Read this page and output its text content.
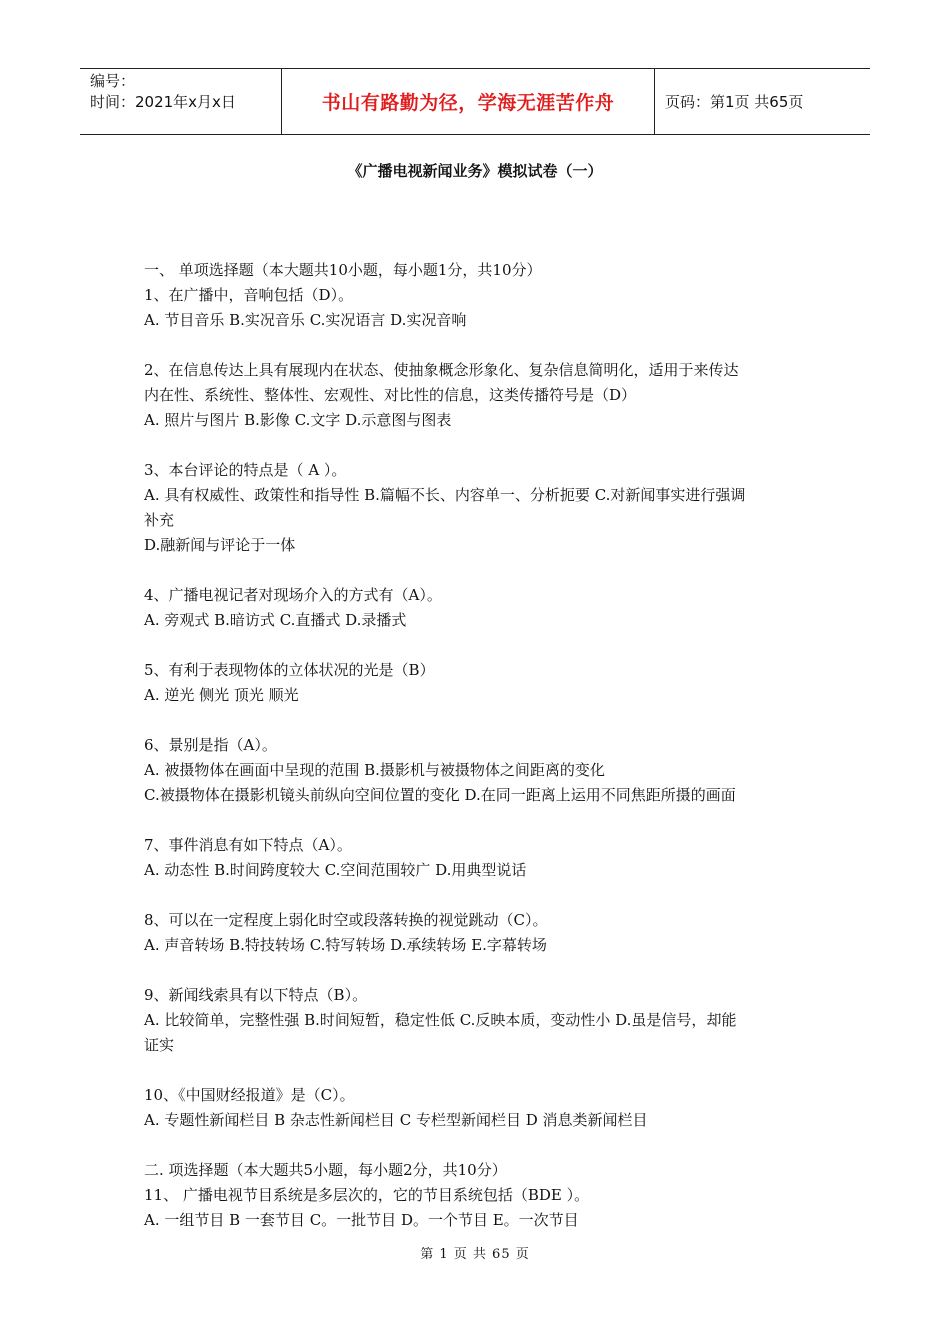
编号：
时间：2021年x月x日	书山有路勤为径，学海无涯苦作舟	页码：第1页 共65页
《广播电视新闻业务》模拟试卷（一）

一、 单项选择题（本大题共10小题，每小题1分，共10分）

1、在广播中，音响包括（D）。

A. 节目音乐 B.实况音乐 C.实况语言 D.实况音响

2、在信息传达上具有展现内在状态、使抽象概念形象化、复杂信息简明化，适用于来传达

内在性、系统性、整体性、宏观性、对比性的信息，这类传播符号是（D）

A. 照片与图片 B.影像 C.文字 D.示意图与图表

3、本台评论的特点是（ A ）。

A. 具有权威性、政策性和指导性 B.篇幅不长、内容单一、分析扼要 C.对新闻事实进行强调

补充

D.融新闻与评论于一体

4、广播电视记者对现场介入的方式有（A）。

A. 旁观式 B.暗访式 C.直播式 D.录播式

5、有利于表现物体的立体状况的光是（B）

A. 逆光 侧光 顶光 顺光

6、景别是指（A）。

A. 被摄物体在画面中呈现的范围 B.摄影机与被摄物体之间距离的变化

C.被摄物体在摄影机镜头前纵向空间位置的变化 D.在同一距离上运用不同焦距所摄的画面

7、事件消息有如下特点（A）。

A. 动态性 B.时间跨度较大 C.空间范围较广 D.用典型说话

8、可以在一定程度上弱化时空或段落转换的视觉跳动（C）。

A. 声音转场 B.特技转场 C.特写转场 D.承续转场 E.字幕转场

9、新闻线索具有以下特点（B）。

A. 比较简单，完整性强 B.时间短暂，稳定性低 C.反映本质，变动性小 D.虽是信号，却能

证实

10、《中国财经报道》是（C）。

A. 专题性新闻栏目 B 杂志性新闻栏目 C 专栏型新闻栏目 D 消息类新闻栏目

二. 项选择题（本大题共5小题，每小题2分，共10分）

11、 广播电视节目系统是多层次的，它的节目系统包括（BDE ）。

A. 一组节目 B 一套节目 C。一批节目 D。一个节目 E。一次节目

第 1 页 共 65 页
